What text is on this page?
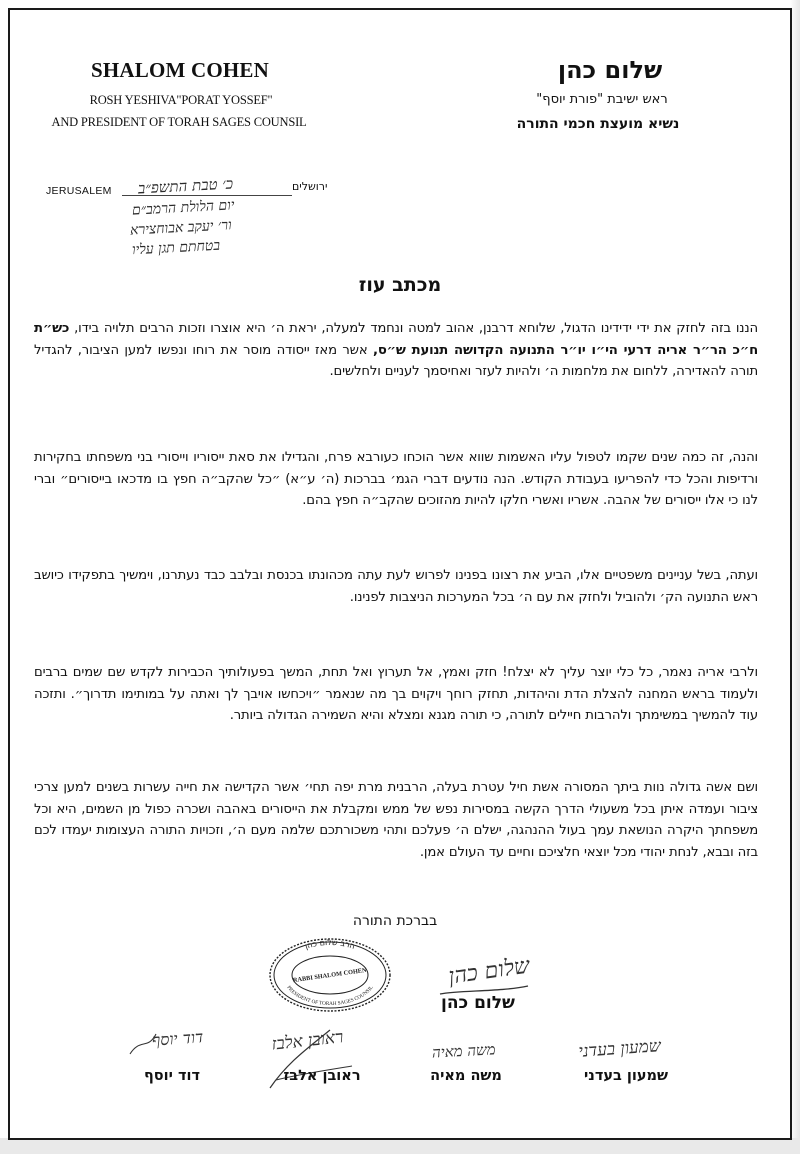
SHALOM COHEN
ROSH YESHIVA"PORAT YOSSEF"
AND PRESIDENT OF TORAH SAGES COUNSIL
שלום כהן
ראש ישיבת "פורת יוסף"
נשיא מועצת חכמי התורה
JERUSALEM	ירושלים
כ׳ טבת התשפ״ב
יום הלולת הרמב״ם
ור׳ יעקב אבוחצירא
בטחתם תגן עליו
מכתב עוז
הננו בזה לחזק את ידי ידידינו הדגול, שלוחא דרבנן, אהוב למטה ונחמד למעלה, יראת ה׳ היא אוצרו וזכות הרבים תלויה בידו, כש״ת ח״כ הר״ר אריה דרעי הי״ו יו״ר התנועה הקדושה תנועת ש״ס, אשר מאז ייסודה מוסר את רוחו ונפשו למען הציבור, להגדיל תורה להאדירה, ללחום את מלחמות ה׳ ולהיות לעזר ואחיסמך לעניים ולחלשים.
והנה, זה כמה שנים שקמו לטפול עליו האשמות שווא אשר הוכחו כעורבא פרח, והגדילו את סאת ייסוריו וייסורי בני משפחתו בחקירות ורדיפות והכל כדי להפריעו בעבודת הקודש. הנה נודעים דברי הגמ׳ בברכות (ה׳ ע״א) ״כל שהקב״ה חפץ בו מדכאו בייסורים״ וברי לנו כי אלו ייסורים של אהבה. אשריו ואשרי חלקו להיות מהזוכים שהקב״ה חפץ בהם.
ועתה, בשל עניינים משפטיים אלו, הביע את רצונו בפנינו לפרוש לעת עתה מכהונתו בכנסת ובלבב כבד נעתרנו, וימשיך בתפקידו כיושב ראש התנועה הק׳ ולהוביל ולחזק את עם ה׳ בכל המערכות הניצבות לפנינו.
ולרבי אריה נאמר, כל כלי יוצר עליך לא יצלח! חזק ואמץ, אל תערוץ ואל תחת, המשך בפעולותיך הכבירות לקדש שם שמים ברבים ולעמוד בראש המחנה להצלת הדת והיהדות, תחזק רוחך ויקוים בך מה שנאמר ״ויכחשו אויבך לך ואתה על במותימו תדרוך״. ותזכה עוד להמשיך במשימתך ולהרבות חיילים לתורה, כי תורה מגנא ומצלא והיא השמירה הגדולה ביותר.
ושם אשה גדולה נוות ביתך המסורה אשת חיל עטרת בעלה, הרבנית מרת יפה תחי׳ אשר הקדישה את חייה עשרות בשנים למען צרכי ציבור ועמדה איתן בכל משעולי הדרך הקשה במסירות נפש של ממש ומקבלת את הייסורים באהבה ושכרה כפול מן השמים, היא וכל משפחתך היקרה הנושאת עמך בעול ההנהגה, ישלם ה׳ פעלכם ותהי משכורתכם שלמה מעם ה׳, וזכויות התורה העצומות יעמדו לכם בזה ובבא, לנחת יהודי מכל יוצאי חלציכם וחיים עד העולם אמן.
בברכת התורה
הרב שלום כהן
PRESIDENT OF TORAH SAGES COUNSIL
RABBI SHALOM COHEN	שלום כהן
שלום כהן
שמעון בעדני
משה מאיה
ראובן אלבז
דוד יוסף
שמעון בעדני
משה מאיה
ראובן אלבז
דוד יוסף
